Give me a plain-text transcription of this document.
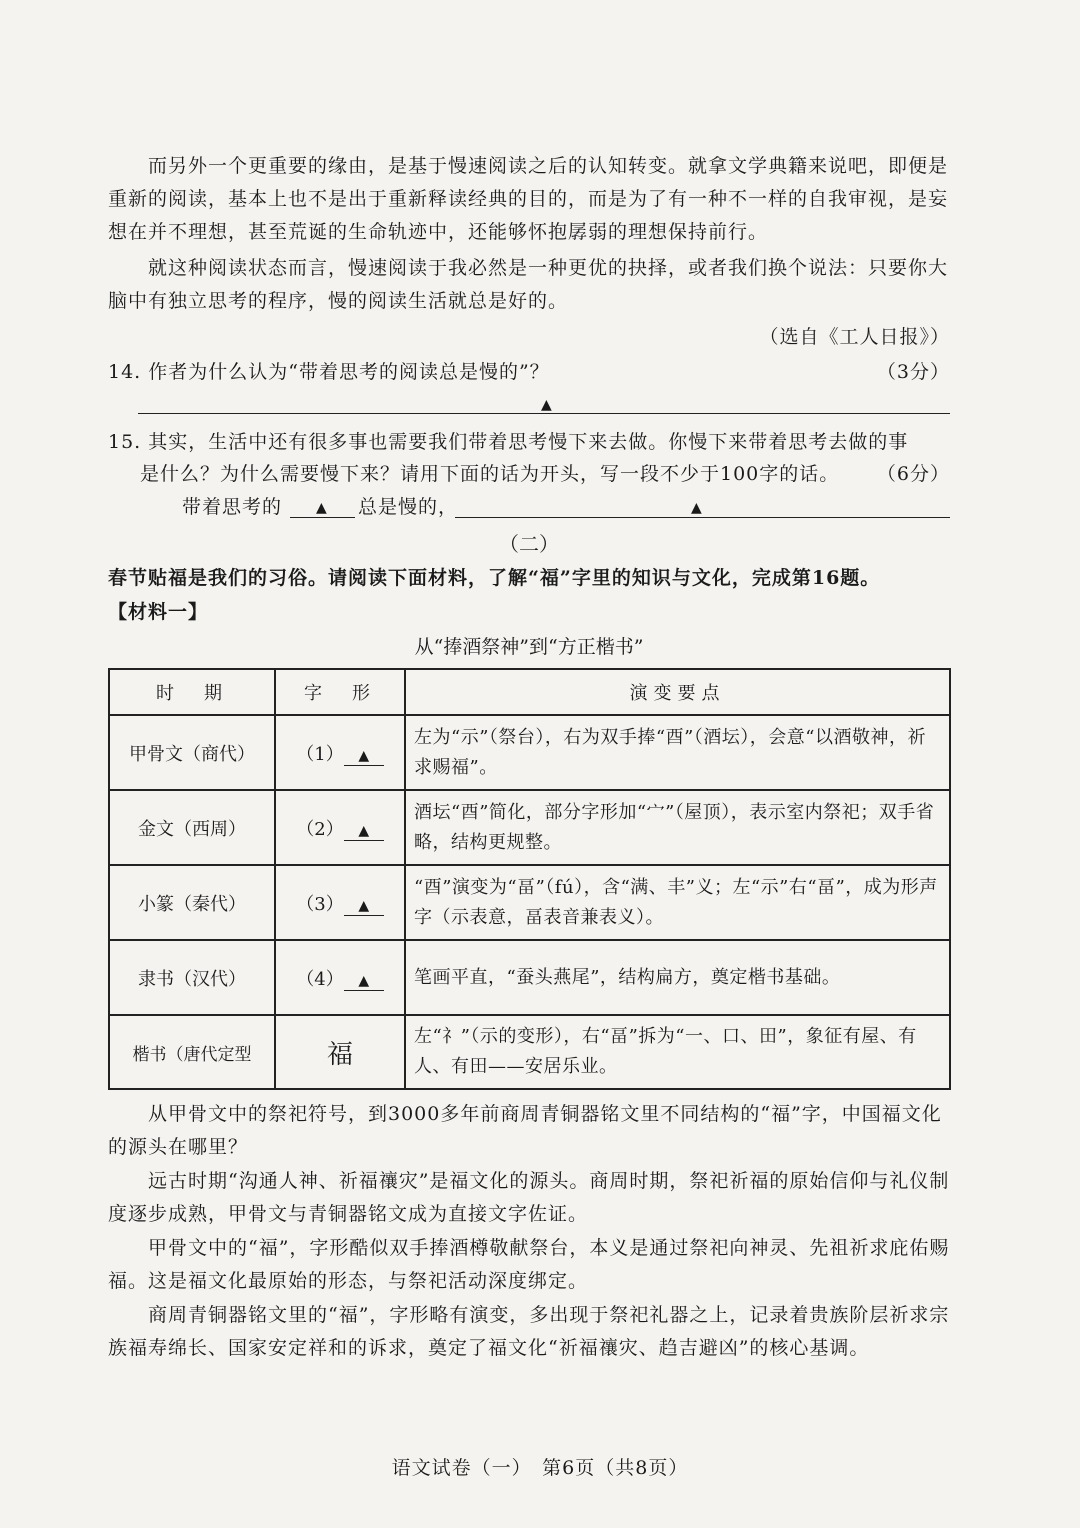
而另外一个更重要的缘由，是基于慢速阅读之后的认知转变。就拿文学典籍来说吧，即便是重新的阅读，基本上也不是出于重新释读经典的目的，而是为了有一种不一样的自我审视，是妄想在并不理想，甚至荒诞的生命轨迹中，还能够怀抱孱弱的理想保持前行。

就这种阅读状态而言，慢速阅读于我必然是一种更优的抉择，或者我们换个说法：只要你大脑中有独立思考的程序，慢的阅读生活就总是好的。

（选自《工人日报》）

14. 作者为什么认为“带着思考的阅读总是慢的”？	（3分）
▲
15. 其实，生活中还有很多事也需要我们带着思考慢下来去做。你慢下来带着思考去做的事
是什么？为什么需要慢下来？请用下面的话为开头，写一段不少于100字的话。	（6分）
带着思考的	▲ 总是慢的，	▲
（二）

春节贴福是我们的习俗。请阅读下面材料，了解“福”字里的知识与文化，完成第16题。

【材料一】

从“捧酒祭神”到“方正楷书”
时　期	字　形	演变要点
甲骨文（商代）	（1） ▲	左为“示”（祭台），右为双手捧“酉”（酒坛），会意“以酒敬神，祈求赐福”。
金文（西周）	（2） ▲	酒坛“酉”简化，部分字形加“宀”（屋顶），表示室内祭祀；双手省略，结构更规整。
小篆（秦代）	（3） ▲	“酉”演变为“畐”（fú），含“满、丰”义；左“示”右“畐”，成为形声字（示表意，畐表音兼表义）。
隶书（汉代）	（4） ▲	笔画平直，“蚕头燕尾”，结构扁方，奠定楷书基础。
楷书（唐代定型	福	左“礻”（示的变形），右“畐”拆为“一、口、田”，象征有屋、有人、有田——安居乐业。

从甲骨文中的祭祀符号，到3000多年前商周青铜器铭文里不同结构的“福”字，中国福文化的源头在哪里？

远古时期“沟通人神、祈福禳灾”是福文化的源头。商周时期，祭祀祈福的原始信仰与礼仪制度逐步成熟，甲骨文与青铜器铭文成为直接文字佐证。

甲骨文中的“福”，字形酷似双手捧酒樽敬献祭台，本义是通过祭祀向神灵、先祖祈求庇佑赐福。这是福文化最原始的形态，与祭祀活动深度绑定。

商周青铜器铭文里的“福”，字形略有演变，多出现于祭祀礼器之上，记录着贵族阶层祈求宗族福寿绵长、国家安定祥和的诉求，奠定了福文化“祈福禳灾、趋吉避凶”的核心基调。

语文试卷（一）　第6页（共8页）
